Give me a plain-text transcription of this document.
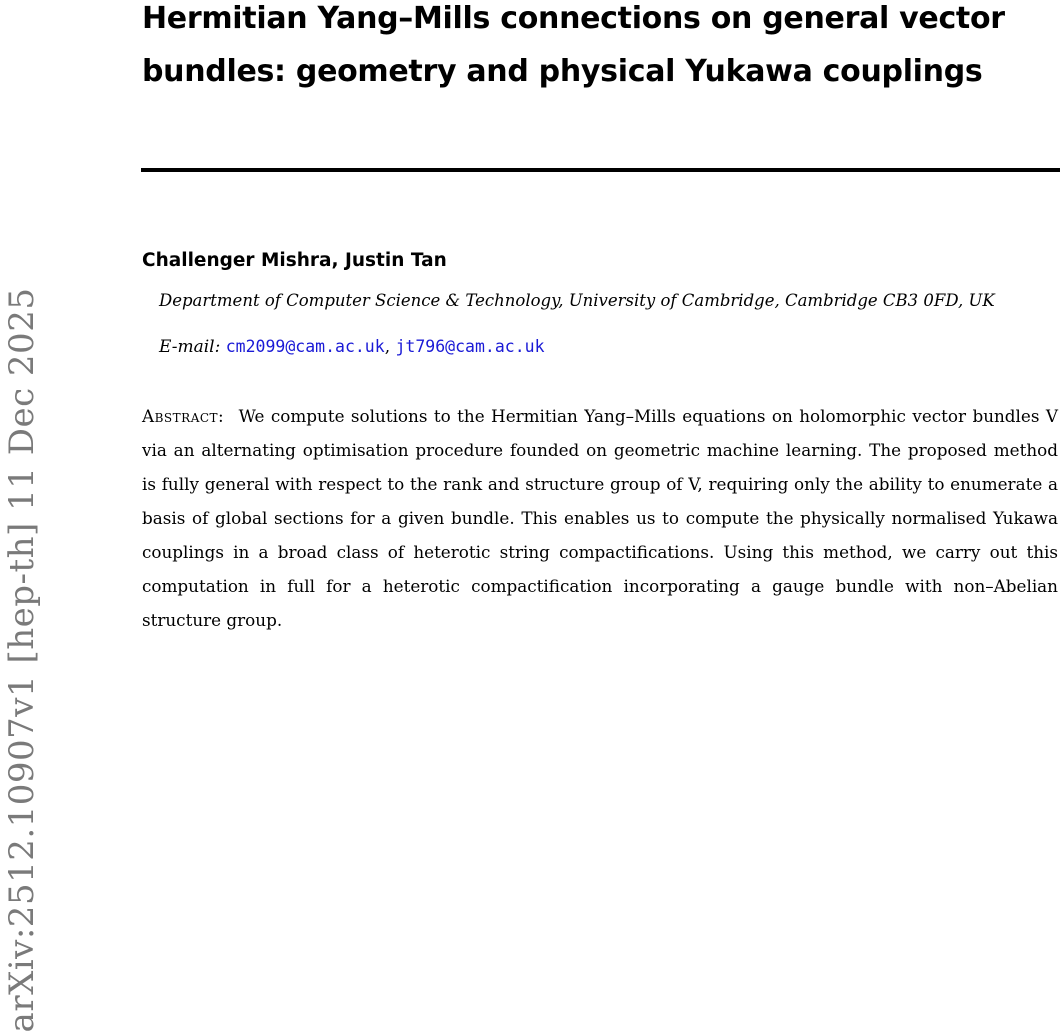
arXiv:2512.10907v1 [hep-th] 11 Dec 2025
Hermitian Yang–Mills connections on general vector bundles: geometry and physical Yukawa couplings
Challenger Mishra, Justin Tan
Department of Computer Science & Technology, University of Cambridge, Cambridge CB3 0FD, UK
E-mail: cm2099@cam.ac.uk, jt796@cam.ac.uk

Abstract: We compute solutions to the Hermitian Yang–Mills equations on holomorphic vector bundles V via an alternating optimisation procedure founded on geometric machine learning. The proposed method is fully general with respect to the rank and structure group of V, requiring only the ability to enumerate a basis of global sections for a given bundle. This enables us to compute the physically normalised Yukawa couplings in a broad class of heterotic string compactifications. Using this method, we carry out this computation in full for a heterotic compactification incorporating a gauge bundle with non–Abelian structure group.
